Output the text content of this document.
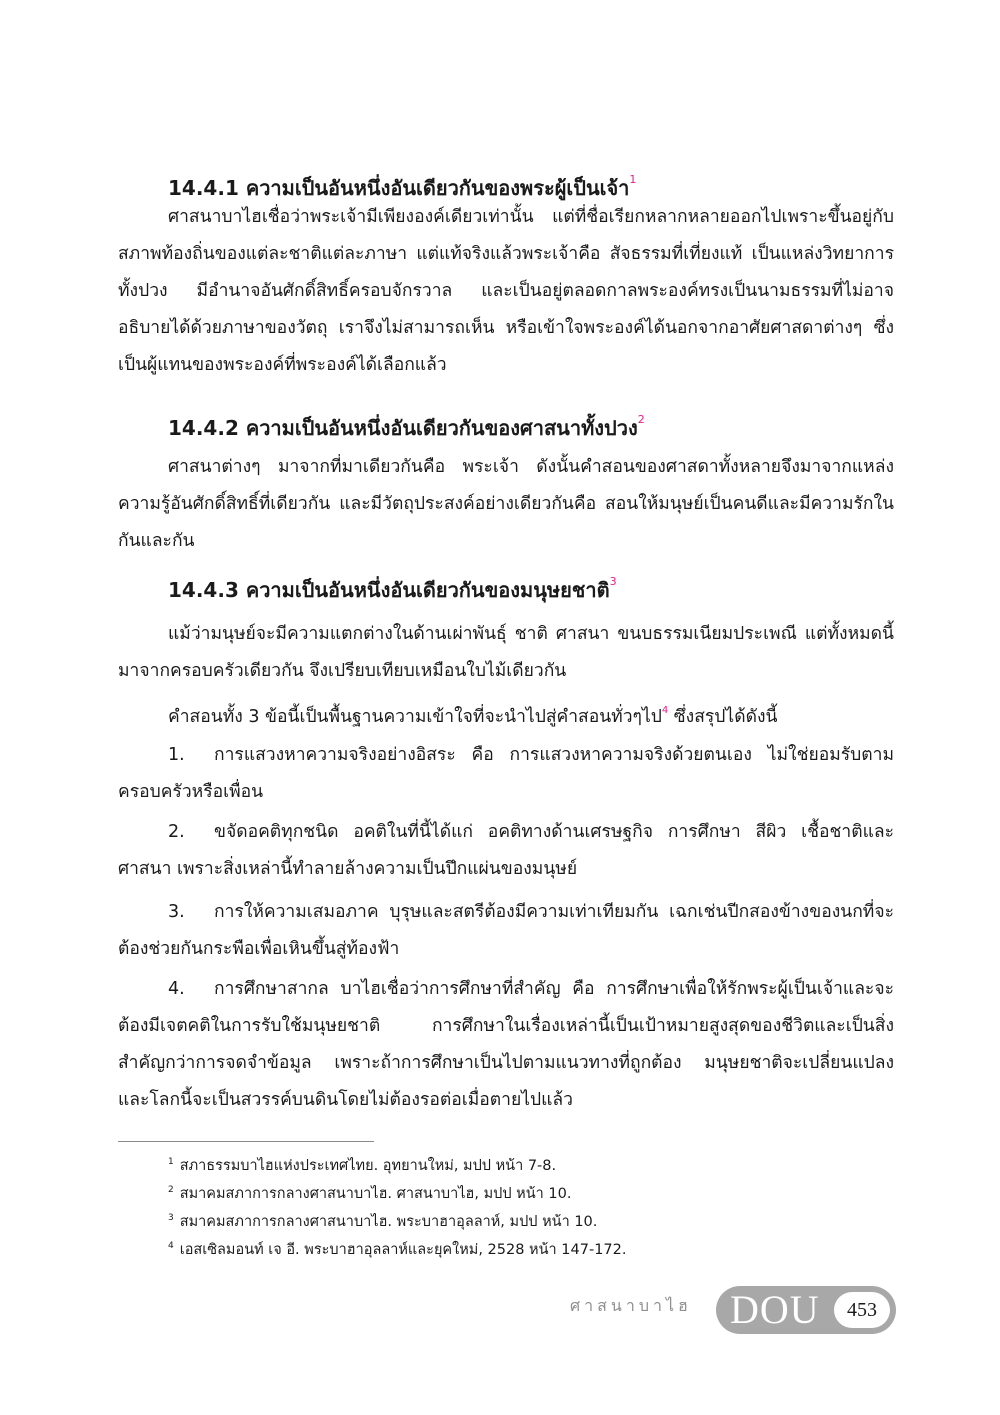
14.4.1 ความเป็นอันหนึ่งอันเดียวกันของพระผู้เป็นเจ้า$^1$

ศาสนาบาไฮเชื่อว่าพระเจ้ามีเพียงองค์เดียวเท่านั้น แต่ที่ชื่อเรียกหลากหลายออกไปเพราะขึ้นอยู่กับสภาพท้องถิ่นของแต่ละชาติแต่ละภาษา แต่แท้จริงแล้วพระเจ้าคือ สัจธรรมที่เที่ยงแท้ เป็นแหล่งวิทยาการทั้งปวง มีอำนาจอันศักดิ์สิทธิ์ครอบจักรวาล และเป็นอยู่ตลอดกาลพระองค์ทรงเป็นนามธรรมที่ไม่อาจอธิบายได้ด้วยภาษาของวัตถุ เราจึงไม่สามารถเห็น หรือเข้าใจพระองค์ได้นอกจากอาศัยศาสดาต่างๆ ซึ่งเป็นผู้แทนของพระองค์ที่พระองค์ได้เลือกแล้ว

14.4.2 ความเป็นอันหนึ่งอันเดียวกันของศาสนาทั้งปวง$^2$

ศาสนาต่างๆ มาจากที่มาเดียวกันคือ พระเจ้า ดังนั้นคำสอนของศาสดาทั้งหลายจึงมาจากแหล่งความรู้อันศักดิ์สิทธิ์ที่เดียวกัน และมีวัตถุประสงค์อย่างเดียวกันคือ สอนให้มนุษย์เป็นคนดีและมีความรักในกันและกัน

14.4.3 ความเป็นอันหนึ่งอันเดียวกันของมนุษยชาติ$^3$

แม้ว่ามนุษย์จะมีความแตกต่างในด้านเผ่าพันธุ์ ชาติ ศาสนา ขนบธรรมเนียมประเพณี แต่ทั้งหมดนี้มาจากครอบครัวเดียวกัน จึงเปรียบเทียบเหมือนใบไม้เดียวกัน

คำสอนทั้ง 3 ข้อนี้เป็นพื้นฐานความเข้าใจที่จะนำไปสู่คำสอนทั่วๆไป$^4$ ซึ่งสรุปได้ดังนี้

1. การแสวงหาความจริงอย่างอิสระ คือ การแสวงหาความจริงด้วยตนเอง ไม่ใช่ยอมรับตามครอบครัวหรือเพื่อน

2. ขจัดอคติทุกชนิด อคติในที่นี้ได้แก่ อคติทางด้านเศรษฐกิจ การศึกษา สีผิว เชื้อชาติและศาสนา เพราะสิ่งเหล่านี้ทำลายล้างความเป็นปึกแผ่นของมนุษย์

3. การให้ความเสมอภาค บุรุษและสตรีต้องมีความเท่าเทียมกัน เฉกเช่นปีกสองข้างของนกที่จะต้องช่วยกันกระพือเพื่อเหินขึ้นสู่ท้องฟ้า

4. การศึกษาสากล บาไฮเชื่อว่าการศึกษาที่สำคัญ คือ การศึกษาเพื่อให้รักพระผู้เป็นเจ้าและจะต้องมีเจตคติในการรับใช้มนุษยชาติ การศึกษาในเรื่องเหล่านี้เป็นเป้าหมายสูงสุดของชีวิตและเป็นสิ่งสำคัญกว่าการจดจำข้อมูล เพราะถ้าการศึกษาเป็นไปตามแนวทางที่ถูกต้อง มนุษยชาติจะเปลี่ยนแปลง และโลกนี้จะเป็นสวรรค์บนดินโดยไม่ต้องรอต่อเมื่อตายไปแล้ว

$^1$ สภาธรรมบาไฮแห่งประเทศไทย. อุทยานใหม่, มปป หน้า 7-8.

$^2$ สมาคมสภาการกลางศาสนาบาไฮ. ศาสนาบาไฮ, มปป หน้า 10.

$^3$ สมาคมสภาการกลางศาสนาบาไฮ. พระบาฮาอุลลาห์, มปป หน้า 10.

$^4$ เอสเซิลมอนท์ เจ อี. พระบาฮาอุลลาห์และยุคใหม่, 2528 หน้า 147-172.

ศาสนาบาไฮ DOU	453
